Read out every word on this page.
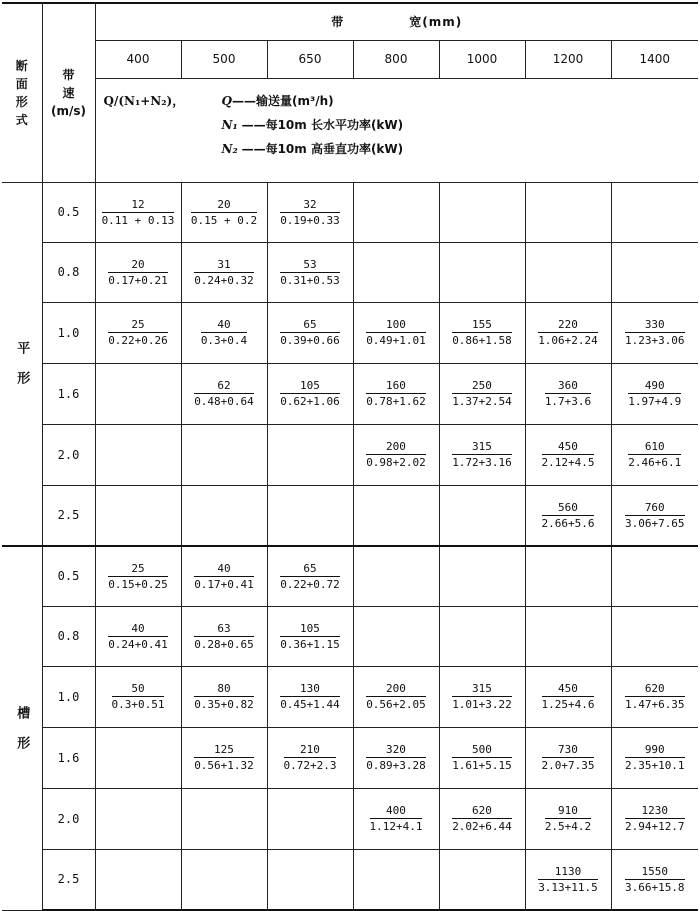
断
面
形
式	带
速
(m/s)	带　　　　　宽(mm)						
		400	500	650	800	1000	1200	1400

		Q/(N₁+N₂)， Q——输送量(m³/h)
N₁ ——每10m 长水平功率(kW)
N₂ ——每10m 高垂直功率(kW)						

平　形	0.5	$\frac{12}{0.11 + 0.13}$	$\frac{20}{0.15 + 0.2}$	$\frac{32}{0.19+0.33}$

	0.8	$\frac{20}{0.17+0.21}$	$\frac{31}{0.24+0.32}$	$\frac{53}{0.31+0.53}$

	1.0	$\frac{25}{0.22+0.26}$	$\frac{40}{0.3+0.4}$	$\frac{65}{0.39+0.66}$	$\frac{100}{0.49+1.01}$	$\frac{155}{0.86+1.58}$	$\frac{220}{1.06+2.24}$	$\frac{330}{1.23+3.06}$

	1.6		$\frac{62}{0.48+0.64}$	$\frac{105}{0.62+1.06}$	$\frac{160}{0.78+1.62}$	$\frac{250}{1.37+2.54}$	$\frac{360}{1.7+3.6}$	$\frac{490}{1.97+4.9}$

	2.0				$\frac{200}{0.98+2.02}$	$\frac{315}{1.72+3.16}$	$\frac{450}{2.12+4.5}$	$\frac{610}{2.46+6.1}$

	2.5						$\frac{560}{2.66+5.6}$	$\frac{760}{3.06+7.65}$

槽　形	0.5	$\frac{25}{0.15+0.25}$	$\frac{40}{0.17+0.41}$	$\frac{65}{0.22+0.72}$

	0.8	$\frac{40}{0.24+0.41}$	$\frac{63}{0.28+0.65}$	$\frac{105}{0.36+1.15}$

	1.0	$\frac{50}{0.3+0.51}$	$\frac{80}{0.35+0.82}$	$\frac{130}{0.45+1.44}$	$\frac{200}{0.56+2.05}$	$\frac{315}{1.01+3.22}$	$\frac{450}{1.25+4.6}$	$\frac{620}{1.47+6.35}$

	1.6		$\frac{125}{0.56+1.32}$	$\frac{210}{0.72+2.3}$	$\frac{320}{0.89+3.28}$	$\frac{500}{1.61+5.15}$	$\frac{730}{2.0+7.35}$	$\frac{990}{2.35+10.1}$

	2.0				$\frac{400}{1.12+4.1}$	$\frac{620}{2.02+6.44}$	$\frac{910}{2.5+4.2}$	$\frac{1230}{2.94+12.7}$

	2.5						$\frac{1130}{3.13+11.5}$	$\frac{1550}{3.66+15.8}$
